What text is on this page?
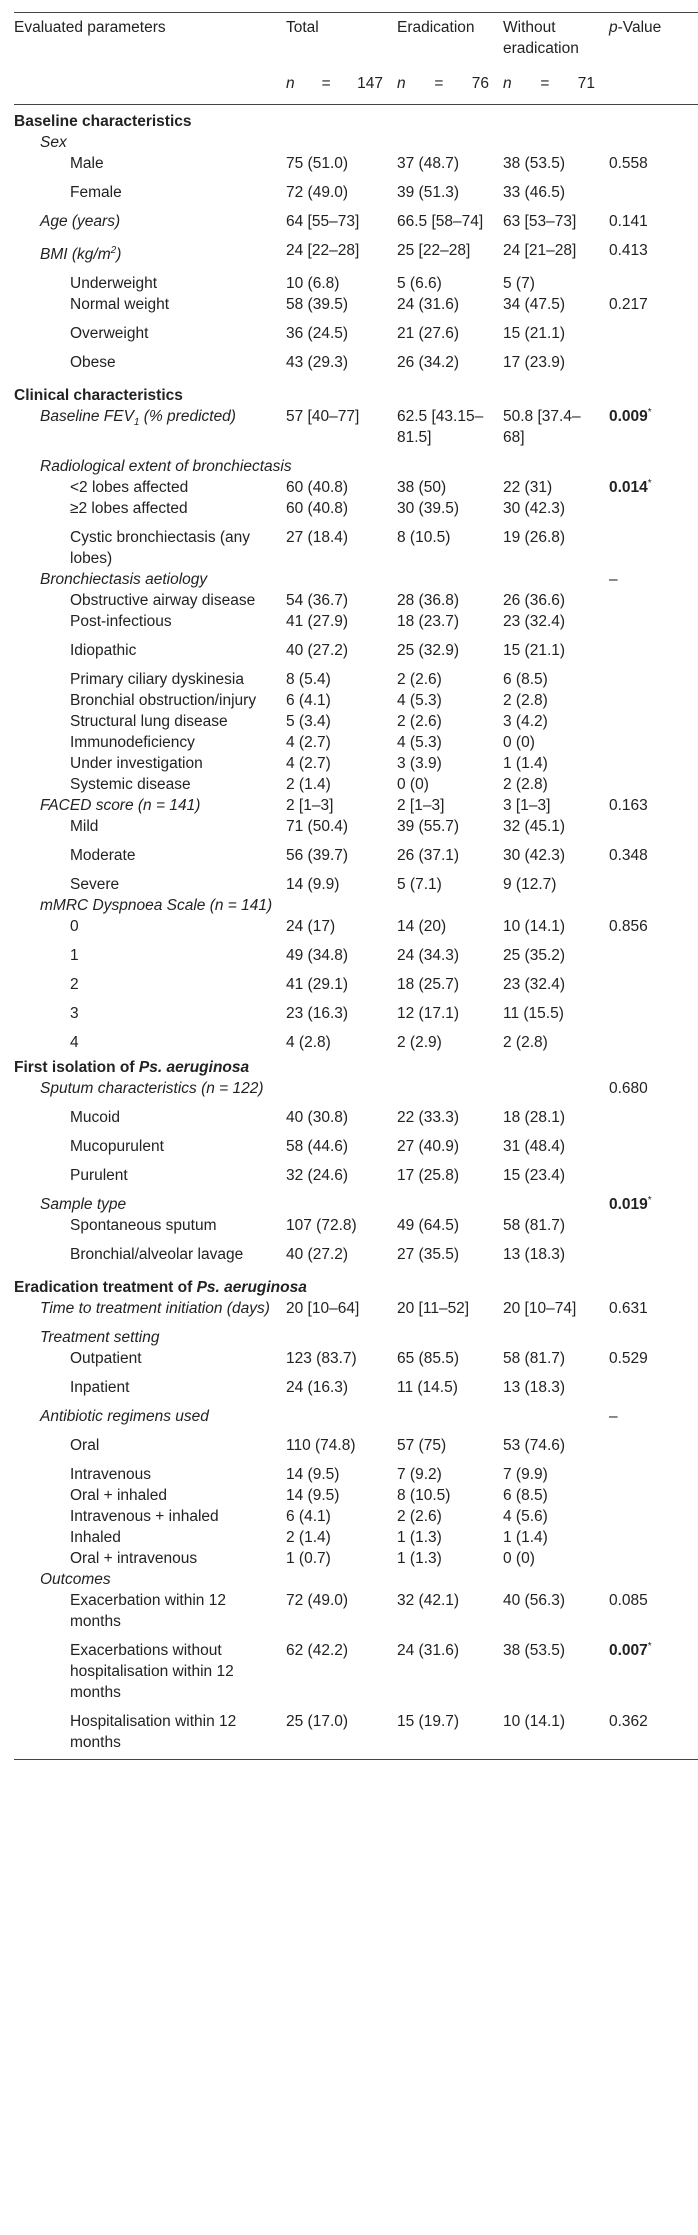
Evaluated parameters	Total	Eradication	Without eradication	p-Value

	n = 147	n = 76	n = 71	

Baseline characteristics				
Sex				
Male	75 (51.0)	37 (48.7)	38 (53.5)	0.558
Female	72 (49.0)	39 (51.3)	33 (46.5)	
Age (years)	64 [55–73]	66.5 [58–74]	63 [53–73]	0.141
BMI $(kg/m^2)$	24 [22–28]	25 [22–28]	24 [21–28]	0.413
Underweight	10 (6.8)	5 (6.6)	5 (7)	
Normal weight	58 (39.5)	24 (31.6)	34 (47.5)	0.217
Overweight	36 (24.5)	21 (27.6)	15 (21.1)	
Obese	43 (29.3)	26 (34.2)	17 (23.9)	
Clinical characteristics				
Baseline $FEV_1$ (% predicted)	57 [40–77]	62.5 [43.15–81.5]	50.8 [37.4–68]	0.009*
Radiological extent of bronchiectasis				
<2 lobes affected	60 (40.8)	38 (50)	22 (31)	0.014*
≥2 lobes affected	60 (40.8)	30 (39.5)	30 (42.3)	
Cystic bronchiectasis (any lobes)	27 (18.4)	8 (10.5)	19 (26.8)	
Bronchiectasis aetiology				–
Obstructive airway disease	54 (36.7)	28 (36.8)	26 (36.6)	
Post-infectious	41 (27.9)	18 (23.7)	23 (32.4)	
Idiopathic	40 (27.2)	25 (32.9)	15 (21.1)	
Primary ciliary dyskinesia	8 (5.4)	2 (2.6)	6 (8.5)	
Bronchial obstruction/injury	6 (4.1)	4 (5.3)	2 (2.8)	
Structural lung disease	5 (3.4)	2 (2.6)	3 (4.2)	
Immunodeficiency	4 (2.7)	4 (5.3)	0 (0)	
Under investigation	4 (2.7)	3 (3.9)	1 (1.4)	
Systemic disease	2 (1.4)	0 (0)	2 (2.8)	
FACED score (n = 141)	2 [1–3]	2 [1–3]	3 [1–3]	0.163
Mild	71 (50.4)	39 (55.7)	32 (45.1)	
Moderate	56 (39.7)	26 (37.1)	30 (42.3)	0.348
Severe	14 (9.9)	5 (7.1)	9 (12.7)	
mMRC Dyspnoea Scale (n = 141)				
0	24 (17)	14 (20)	10 (14.1)	0.856
1	49 (34.8)	24 (34.3)	25 (35.2)	
2	41 (29.1)	18 (25.7)	23 (32.4)	
3	23 (16.3)	12 (17.1)	11 (15.5)	
4	4 (2.8)	2 (2.9)	2 (2.8)	
First isolation of Ps. aeruginosa				
Sputum characteristics (n = 122)				0.680
Mucoid	40 (30.8)	22 (33.3)	18 (28.1)	
Mucopurulent	58 (44.6)	27 (40.9)	31 (48.4)	
Purulent	32 (24.6)	17 (25.8)	15 (23.4)	
Sample type				0.019*
Spontaneous sputum	107 (72.8)	49 (64.5)	58 (81.7)	
Bronchial/alveolar lavage	40 (27.2)	27 (35.5)	13 (18.3)	
Eradication treatment of Ps. aeruginosa				
Time to treatment initiation (days)	20 [10–64]	20 [11–52]	20 [10–74]	0.631
Treatment setting				
Outpatient	123 (83.7)	65 (85.5)	58 (81.7)	0.529
Inpatient	24 (16.3)	11 (14.5)	13 (18.3)	
Antibiotic regimens used				–
Oral	110 (74.8)	57 (75)	53 (74.6)	
Intravenous	14 (9.5)	7 (9.2)	7 (9.9)	
Oral + inhaled	14 (9.5)	8 (10.5)	6 (8.5)	
Intravenous + inhaled	6 (4.1)	2 (2.6)	4 (5.6)	
Inhaled	2 (1.4)	1 (1.3)	1 (1.4)	
Oral + intravenous	1 (0.7)	1 (1.3)	0 (0)	
Outcomes				
Exacerbation within 12 months	72 (49.0)	32 (42.1)	40 (56.3)	0.085
Exacerbations without hospitalisation within 12 months	62 (42.2)	24 (31.6)	38 (53.5)	0.007*
Hospitalisation within 12 months	25 (17.0)	15 (19.7)	10 (14.1)	0.362
